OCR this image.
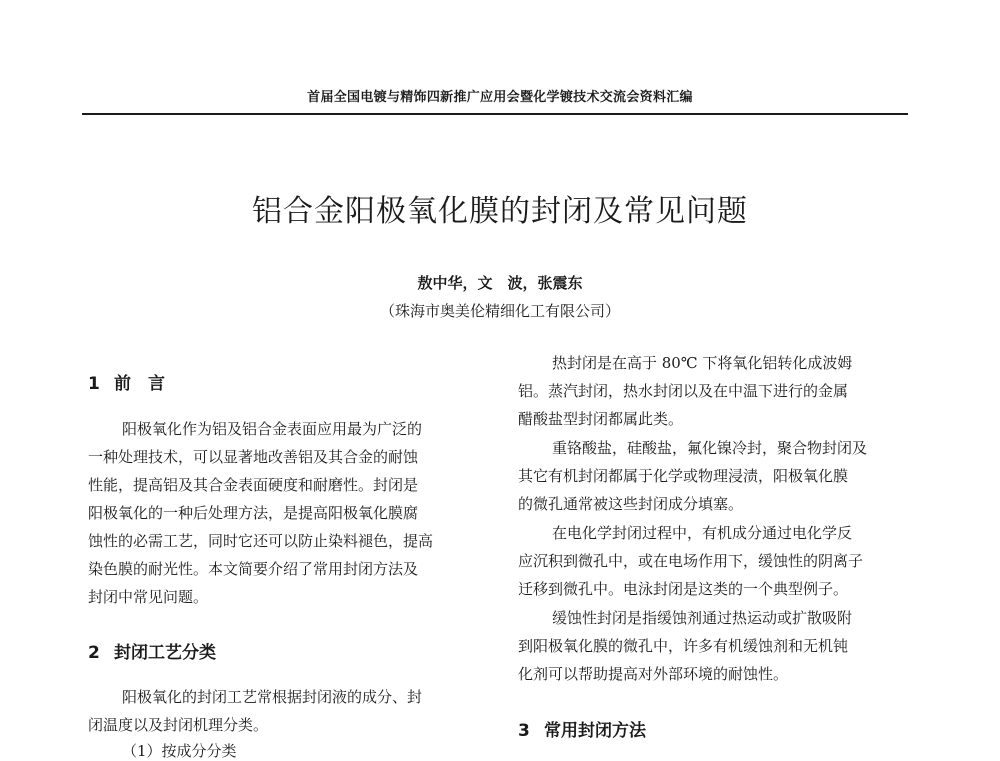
首届全国电镀与精饰四新推广应用会暨化学镀技术交流会资料汇编
铝合金阳极氧化膜的封闭及常见问题
敖中华，文　波，张震东
（珠海市奥美伦精细化工有限公司）
1 前　言
阳极氧化作为铝及铝合金表面应用最为广泛的
一种处理技术，可以显著地改善铝及其合金的耐蚀
性能，提高铝及其合金表面硬度和耐磨性。封闭是
阳极氧化的一种后处理方法，是提高阳极氧化膜腐
蚀性的必需工艺，同时它还可以防止染料褪色，提高
染色膜的耐光性。本文简要介绍了常用封闭方法及
封闭中常见问题。
2 封闭工艺分类
阳极氧化的封闭工艺常根据封闭液的成分、封
闭温度以及封闭机理分类。
（1）按成分分类
热封闭是在高于 80℃ 下将氧化铝转化成波姆
铝。蒸汽封闭，热水封闭以及在中温下进行的金属
醋酸盐型封闭都属此类。
重铬酸盐，硅酸盐，氟化镍冷封，聚合物封闭及
其它有机封闭都属于化学或物理浸渍，阳极氧化膜
的微孔通常被这些封闭成分填塞。
在电化学封闭过程中，有机成分通过电化学反
应沉积到微孔中，或在电场作用下，缓蚀性的阴离子
迁移到微孔中。电泳封闭是这类的一个典型例子。
缓蚀性封闭是指缓蚀剂通过热运动或扩散吸附
到阳极氧化膜的微孔中，许多有机缓蚀剂和无机钝
化剂可以帮助提高对外部环境的耐蚀性。
3 常用封闭方法
